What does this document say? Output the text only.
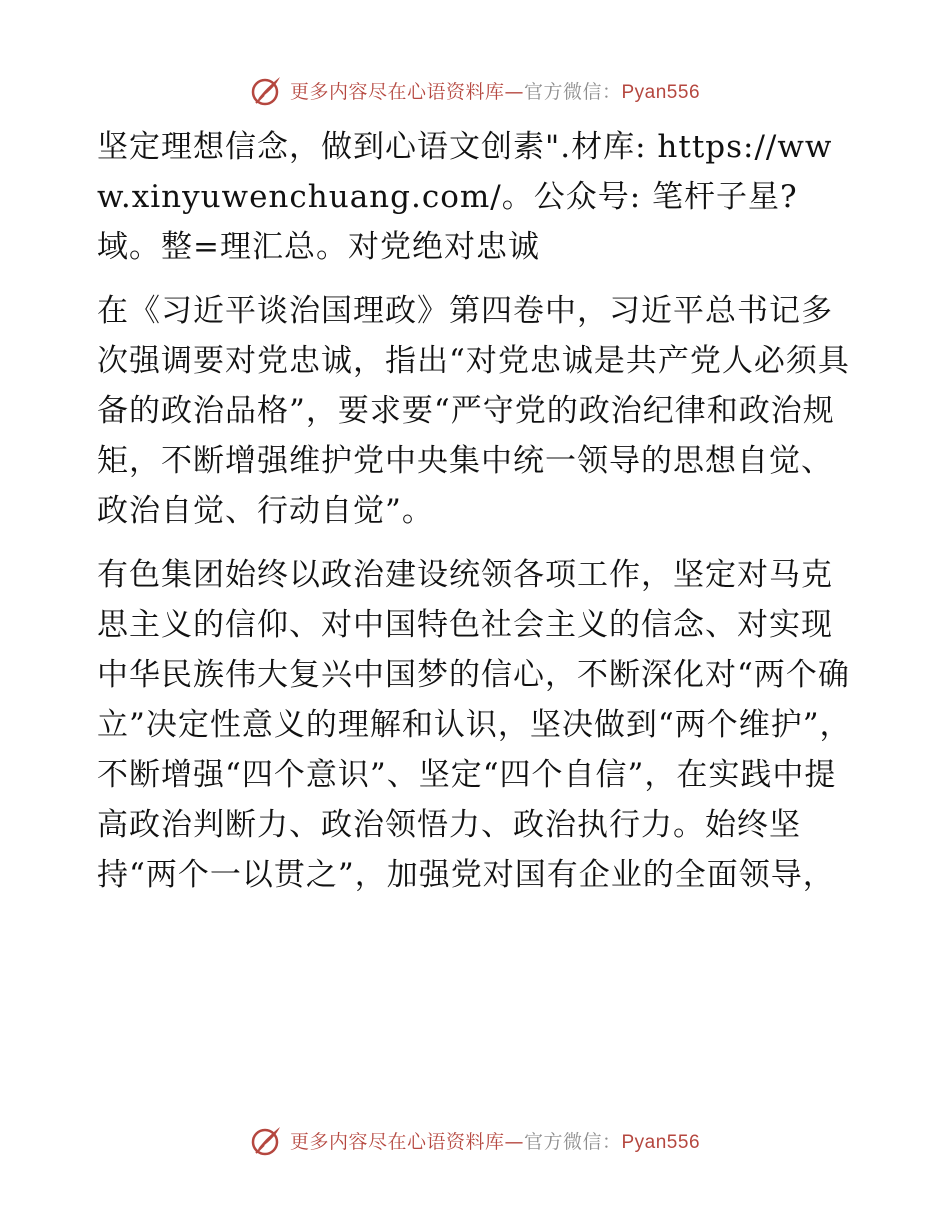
更多内容尽在心语资料库—官方微信：Pyan556

坚定理想信念，做到心语文创素".材库: https://www.xinyuwenchuang.com/。公众号: 笔杆子星?域。整=理汇总。对党绝对忠诚

在《习近平谈治国理政》第四卷中，习近平总书记多次强调要对党忠诚，指出“对党忠诚是共产党人必须具备的政治品格”，要求要“严守党的政治纪律和政治规矩，不断增强维护党中央集中统一领导的思想自觉、政治自觉、行动自觉”。

有色集团始终以政治建设统领各项工作，坚定对马克思主义的信仰、对中国特色社会主义的信念、对实现中华民族伟大复兴中国梦的信心，不断深化对“两个确立”决定性意义的理解和认识，坚决做到“两个维护”，不断增强“四个意识”、坚定“四个自信”，在实践中提高政治判断力、政治领悟力、政治执行力。始终坚持“两个一以贯之”，加强党对国有企业的全面领导，

更多内容尽在心语资料库—官方微信：Pyan556
